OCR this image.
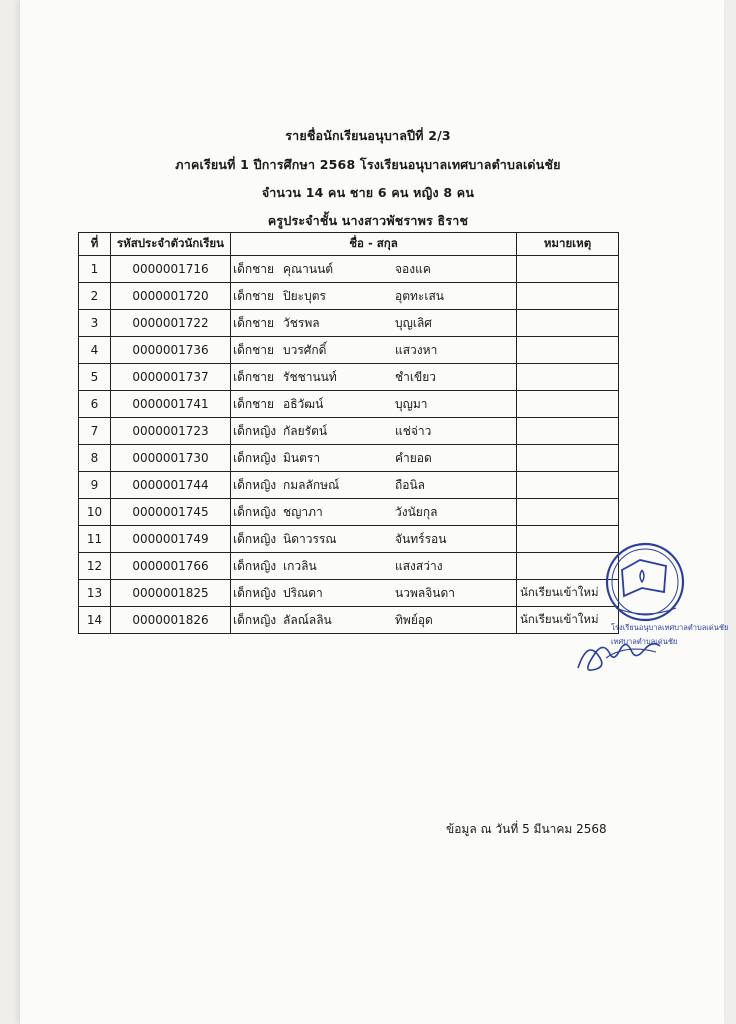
รายชื่อนักเรียนอนุบาลปีที่ 2/3
ภาคเรียนที่ 1 ปีการศึกษา 2568 โรงเรียนอนุบาลเทศบาลตำบลเด่นชัย
จำนวน 14 คน ชาย 6 คน หญิง 8 คน
ครูประจำชั้น นางสาวพัชราพร ธิราช
ที่	รหัสประจำตัวนักเรียน	ชื่อ - สกุล	หมายเหตุ
1	0000001716	เด็กชาย คุณานนต์ จองแค	
2	0000001720	เด็กชาย ปิยะบุตร อุตทะเสน	
3	0000001722	เด็กชาย วัชรพล บุญเลิศ	
4	0000001736	เด็กชาย บวรศักดิ์ แสวงหา	
5	0000001737	เด็กชาย รัชชานนท์ ชำเขียว	
6	0000001741	เด็กชาย อธิวัฒน์ บุญมา	
7	0000001723	เด็กหญิง กัลยรัตน์ แช่จ่าว	
8	0000001730	เด็กหญิง มินตรา คำยอด	
9	0000001744	เด็กหญิง กมลลักษณ์ ถือนิล	
10	0000001745	เด็กหญิง ชญาภา วังนัยกุล	
11	0000001749	เด็กหญิง นิดาวรรณ จันทร์รอน	
12	0000001766	เด็กหญิง เกวลิน แสงสว่าง	
13	0000001825	เด็กหญิง ปริณดา นวพลจินดา	นักเรียนเข้าใหม่
14	0000001826	เด็กหญิง ลัลณ์ลลิน ทิพย์อุด	นักเรียนเข้าใหม่
ข้อมูล ณ วันที่ 5 มีนาคม 2568
โรงเรียนอนุบาลเทศบาลตำบลเด่นชัย
เทศบาลตำบลเด่นชัย
